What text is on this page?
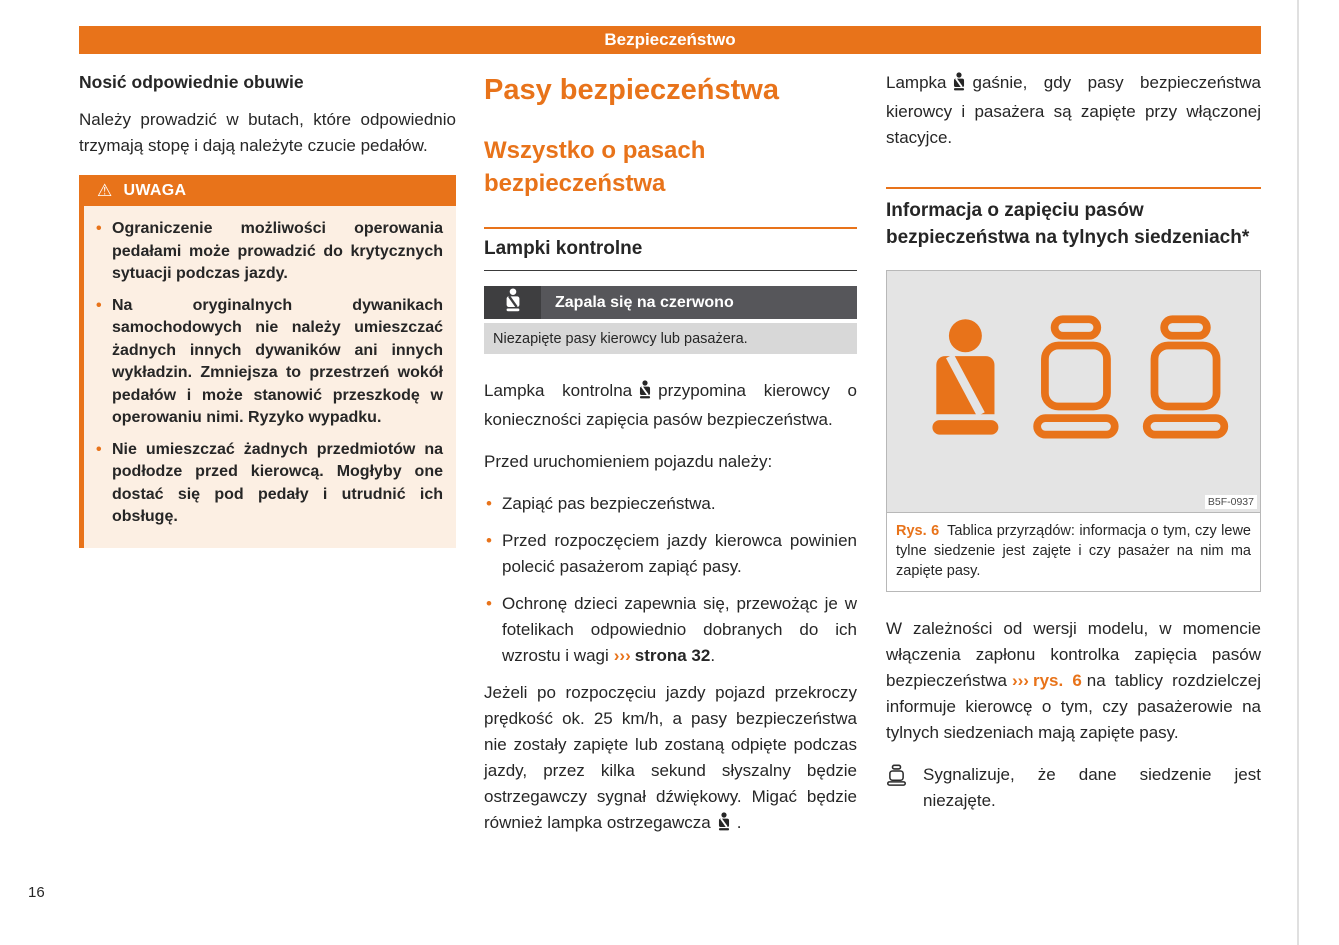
Bezpieczeństwo
Nosić odpowiednie obuwie

Należy prowadzić w butach, które odpowiednio trzymają stopę i dają należyte czucie pedałów.

⚠ UWAGA
• Ograniczenie możliwości operowania pedałami może prowadzić do krytycznych sytuacji podczas jazdy.
• Na oryginalnych dywanikach samochodowych nie należy umieszczać żadnych innych dywaników ani innych wykładzin. Zmniejsza to przestrzeń wokół pedałów i może stanowić przeszkodę w operowaniu nimi. Ryzyko wypadku.
• Nie umieszczać żadnych przedmiotów na podłodze przed kierowcą. Mogłyby one dostać się pod pedały i utrudnić ich obsługę.
Pasy bezpieczeństwa
Wszystko o pasach bezpieczeństwa
Lampki kontrolne
Zapala się na czerwono
Niezapięte pasy kierowcy lub pasażera.

Lampka kontrolna przypomina kierowcy o konieczności zapięcia pasów bezpieczeństwa.

Przed uruchomieniem pojazdu należy:

• Zapiąć pas bezpieczeństwa.
• Przed rozpoczęciem jazdy kierowca powinien polecić pasażerom zapiąć pasy.
• Ochronę dzieci zapewnia się, przewożąc je w fotelikach odpowiednio dobranych do ich wzrostu i wagi ››› strona 32.

Jeżeli po rozpoczęciu jazdy pojazd przekroczy prędkość ok. 25 km/h, a pasy bezpieczeństwa nie zostały zapięte lub zostaną odpięte podczas jazdy, przez kilka sekund słyszalny będzie ostrzegawczy sygnał dźwiękowy. Migać będzie również lampka ostrzegawcza .

Lampka gaśnie, gdy pasy bezpieczeństwa kierowcy i pasażera są zapięte przy włączonej stacyjce.

Informacja o zapięciu pasów bezpieczeństwa na tylnych siedzeniach*
B5F-0937
Rys. 6 Tablica przyrządów: informacja o tym, czy lewe tylne siedzenie jest zajęte i czy pasażer na nim ma zapięte pasy.

W zależności od wersji modelu, w momencie włączenia zapłonu kontrolka zapięcia pasów bezpieczeństwa ››› rys. 6 na tablicy rozdzielczej informuje kierowcę o tym, czy pasażerowie na tylnych siedzeniach mają zapięte pasy.

Sygnalizuje, że dane siedzenie jest niezajęte.
16
